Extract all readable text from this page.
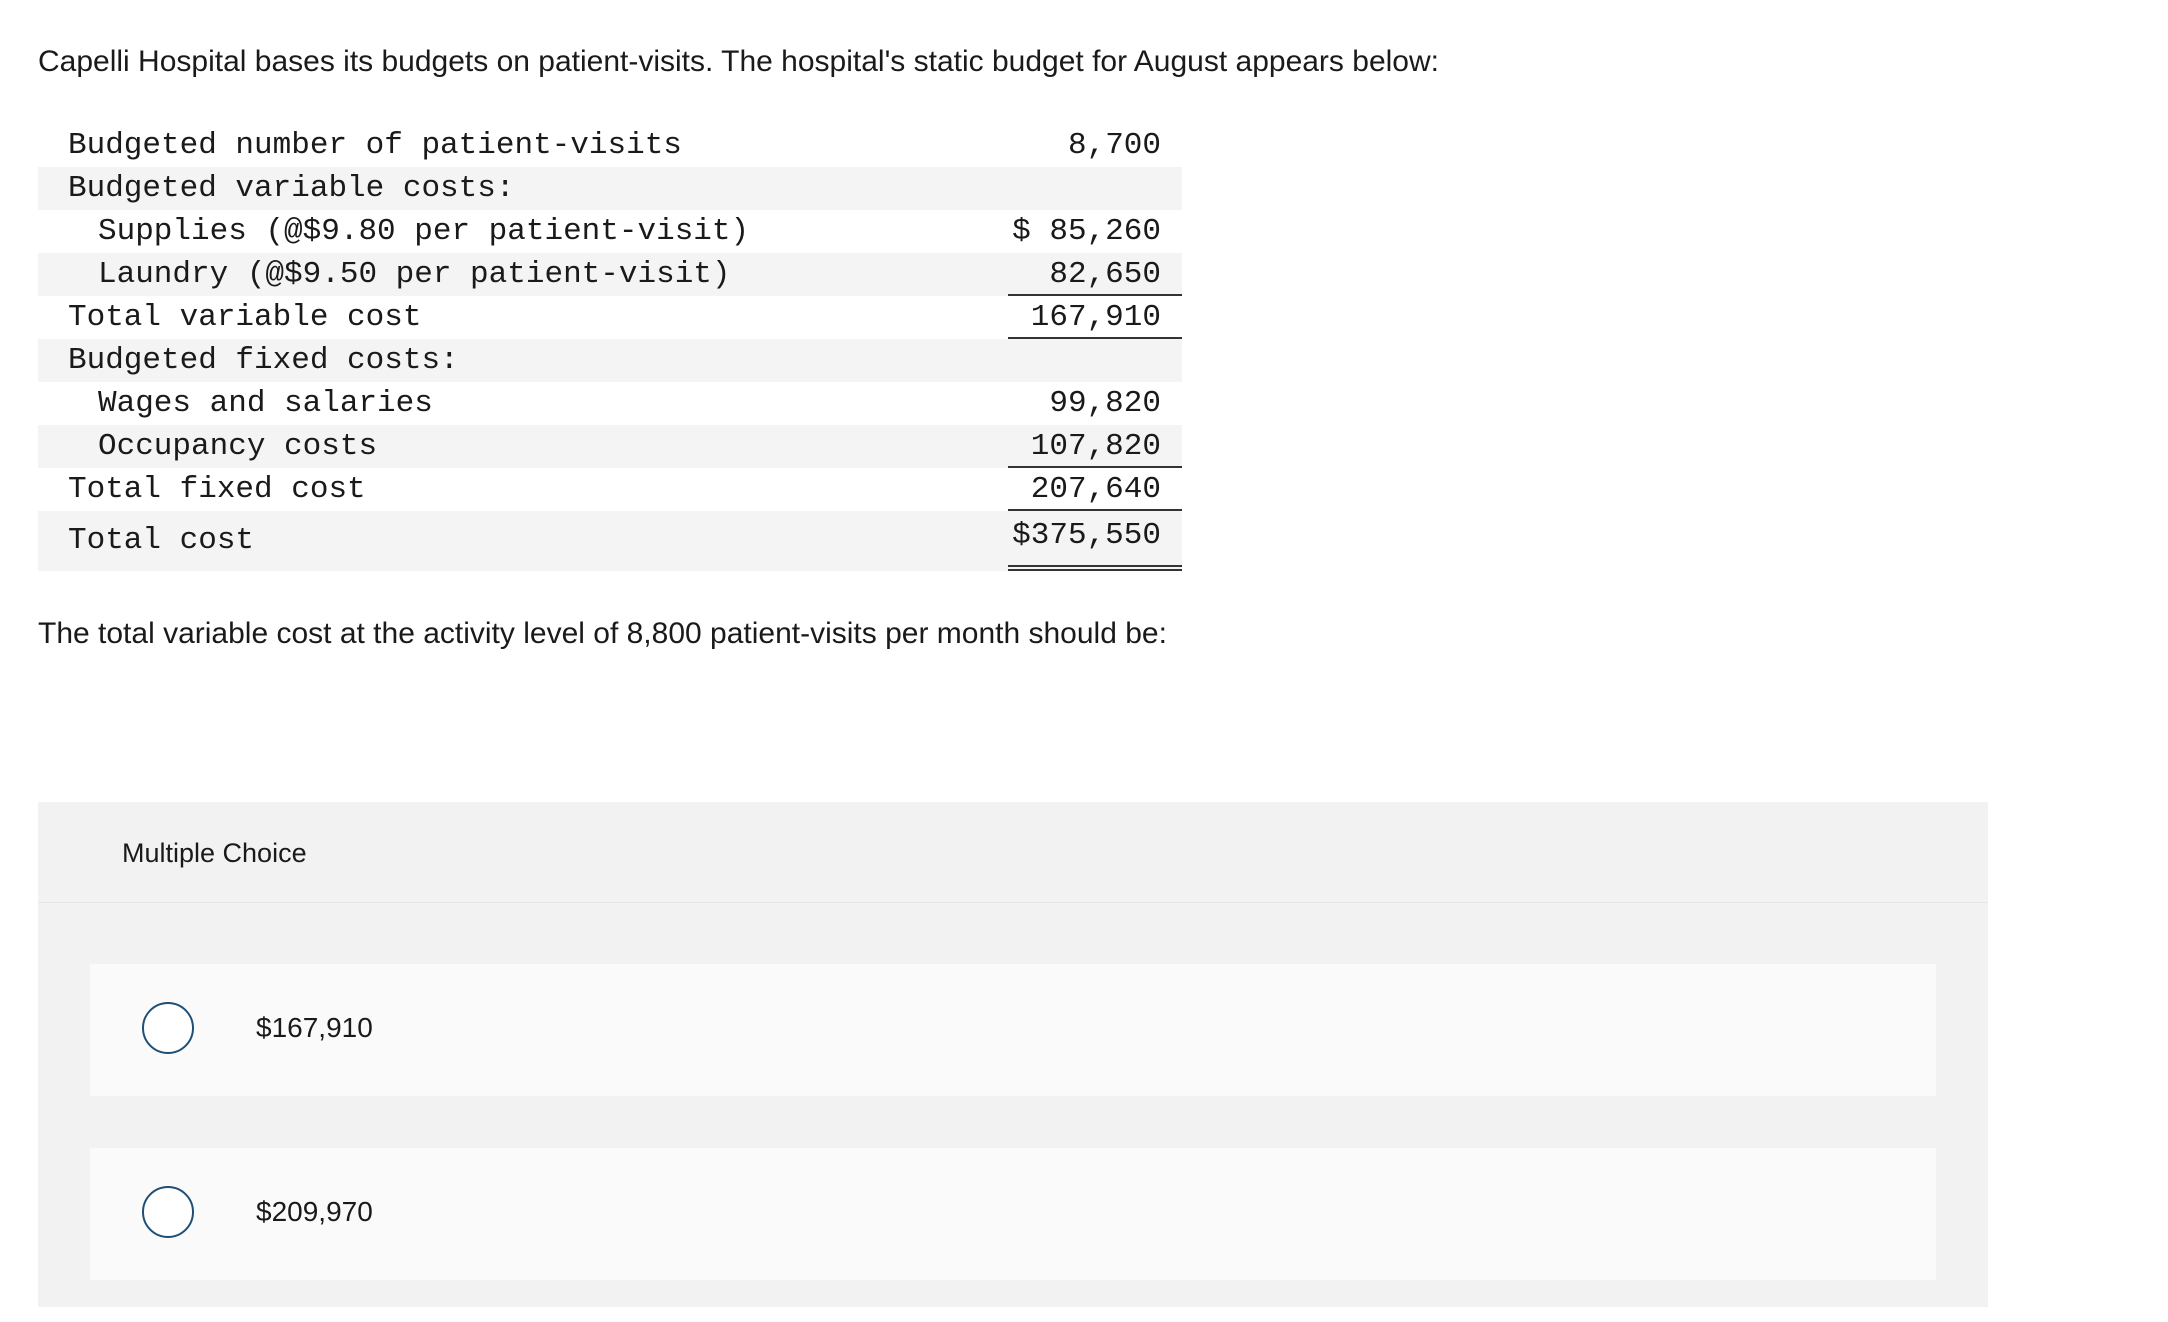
Capelli Hospital bases its budgets on patient-visits. The hospital's static budget for August appears below:
Budgeted number of patient-visits	8,700
Budgeted variable costs:
Supplies (@$9.80 per patient-visit)	$ 85,260
Laundry (@$9.50 per patient-visit)	82,650
Total variable cost	167,910
Budgeted fixed costs:
Wages and salaries	99,820
Occupancy costs	107,820
Total fixed cost	207,640
Total cost	$375,550
The total variable cost at the activity level of 8,800 patient-visits per month should be:
Multiple Choice
$167,910
$209,970
